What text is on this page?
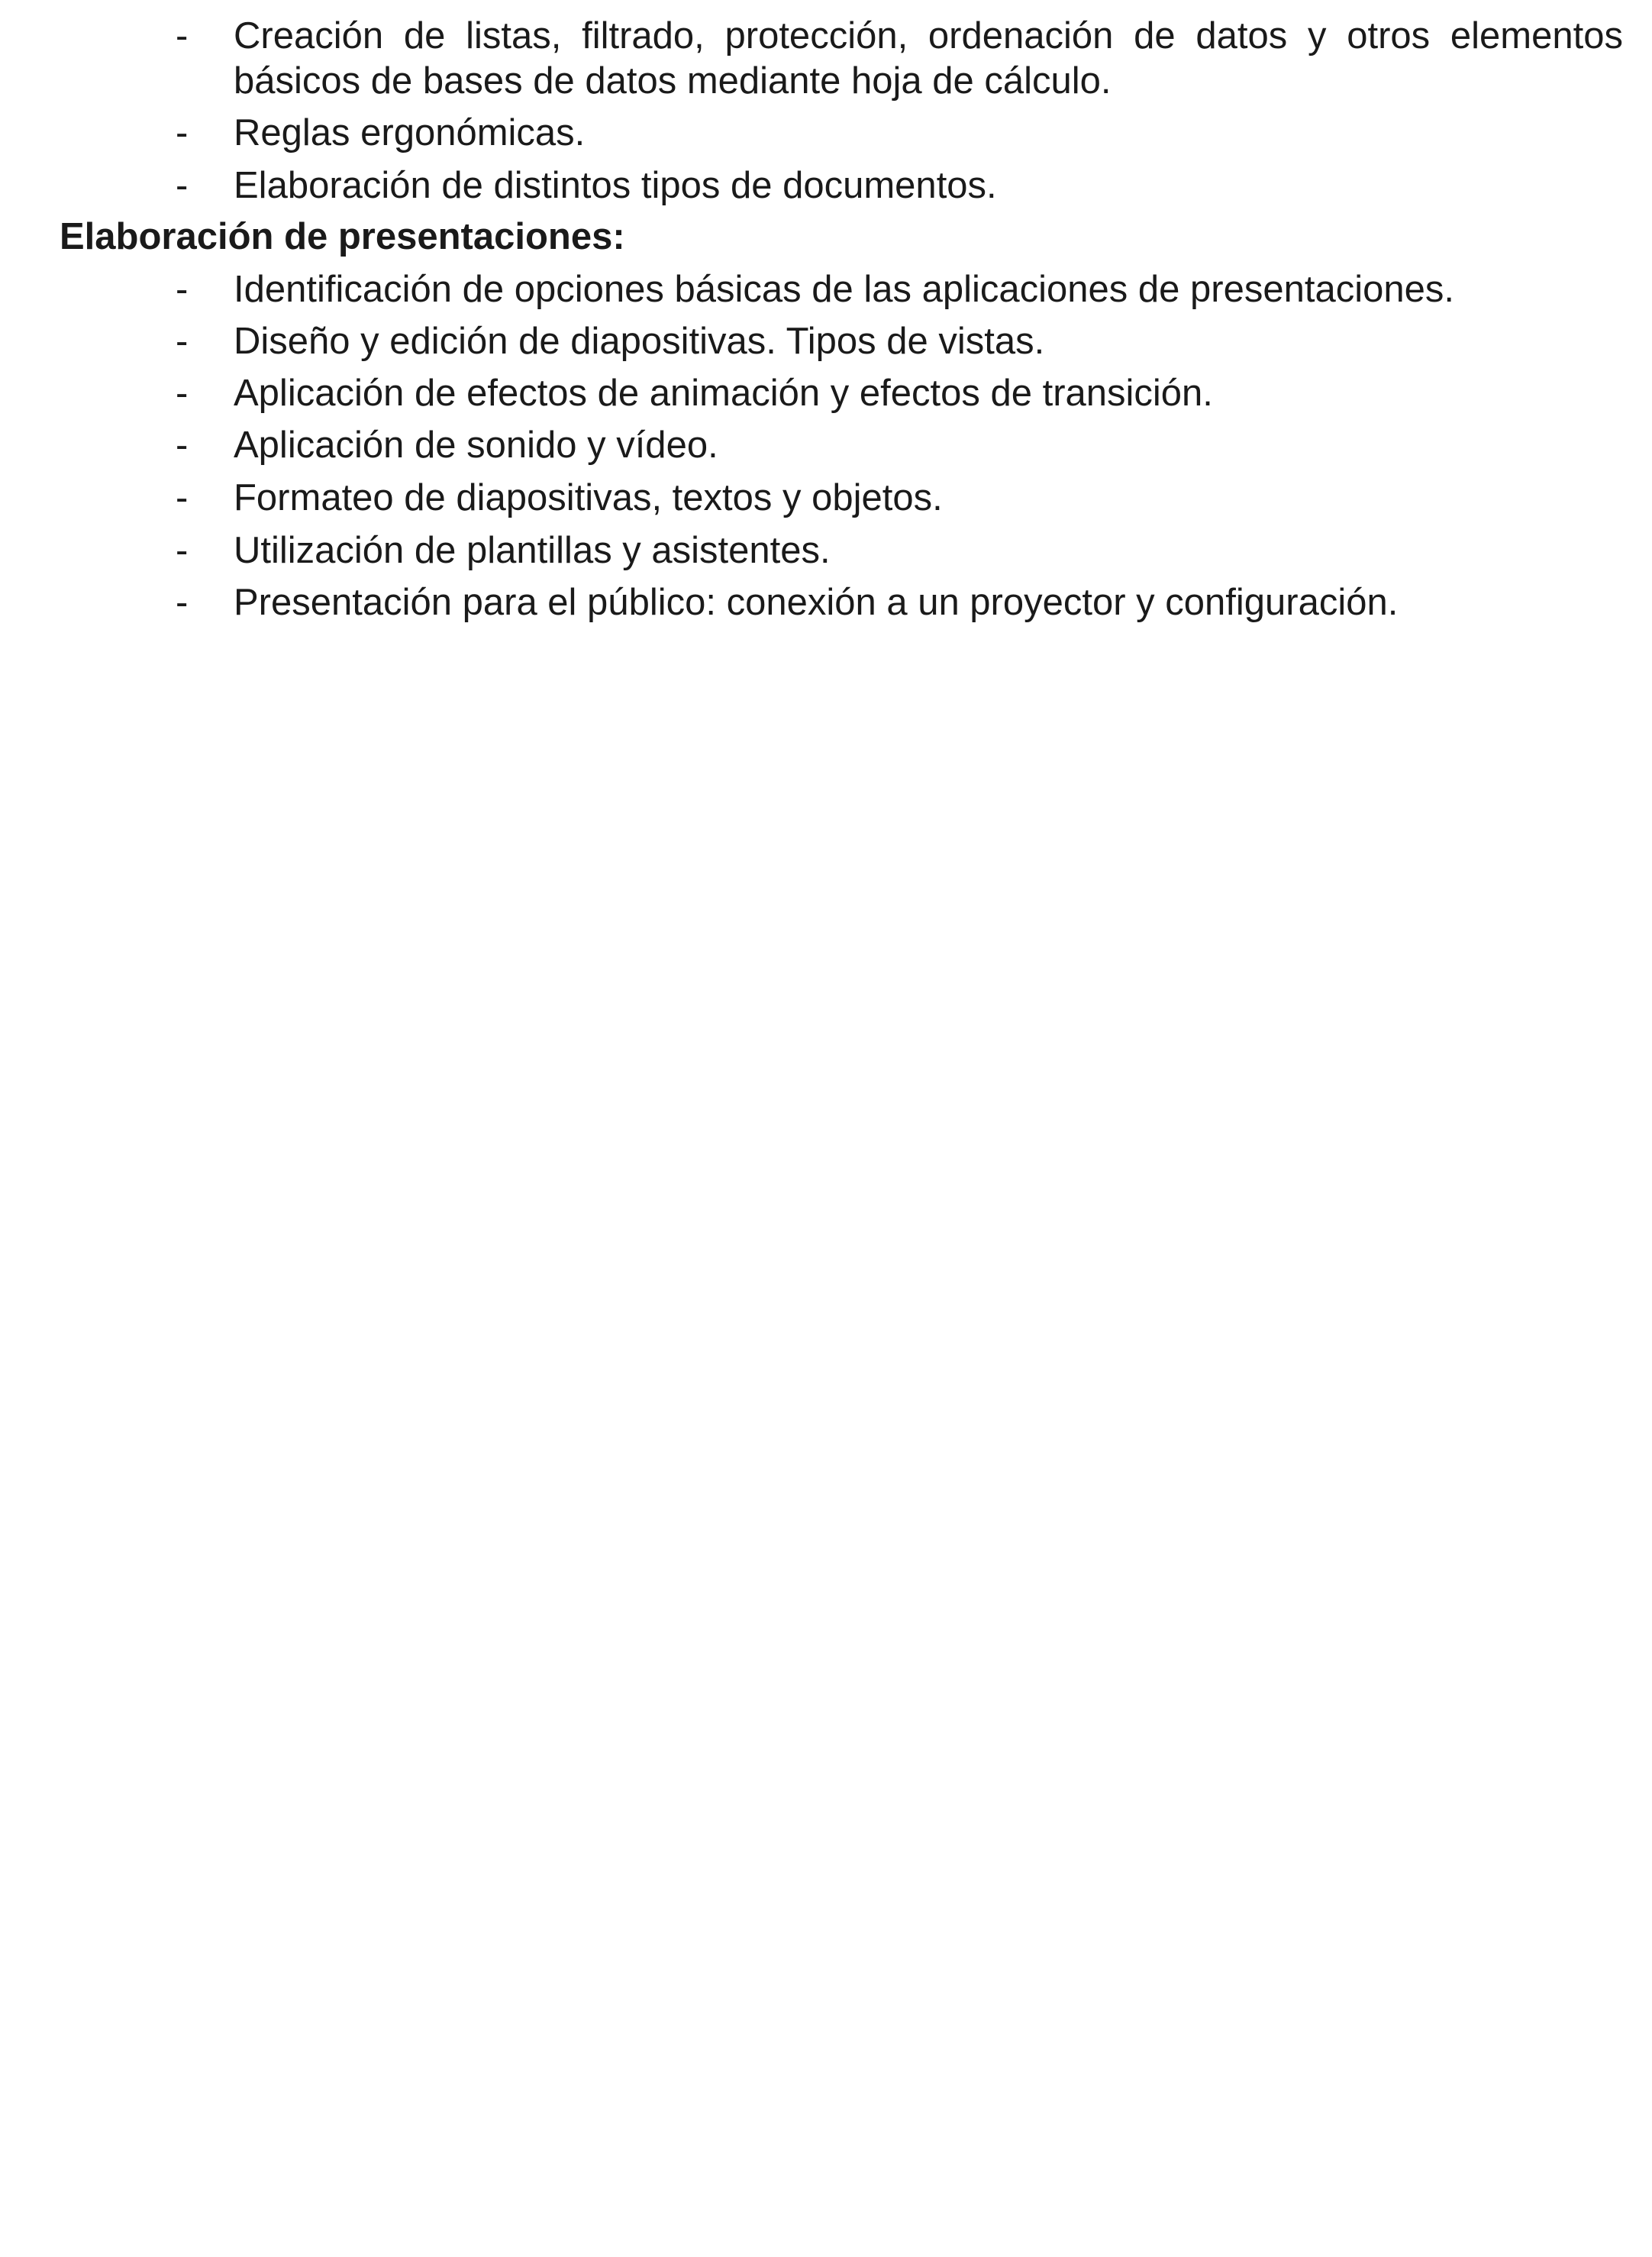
- Creación de listas, filtrado, protección, ordenación de datos y otros elementos básicos de bases de datos mediante hoja de cálculo.
- Reglas ergonómicas.
- Elaboración de distintos tipos de documentos.
Elaboración de presentaciones:
- Identificación de opciones básicas de las aplicaciones de presentaciones.
- Diseño y edición de diapositivas. Tipos de vistas.
- Aplicación de efectos de animación y efectos de transición.
- Aplicación de sonido y vídeo.
- Formateo de diapositivas, textos y objetos.
- Utilización de plantillas y asistentes.
- Presentación para el público: conexión a un proyector y configuración.
